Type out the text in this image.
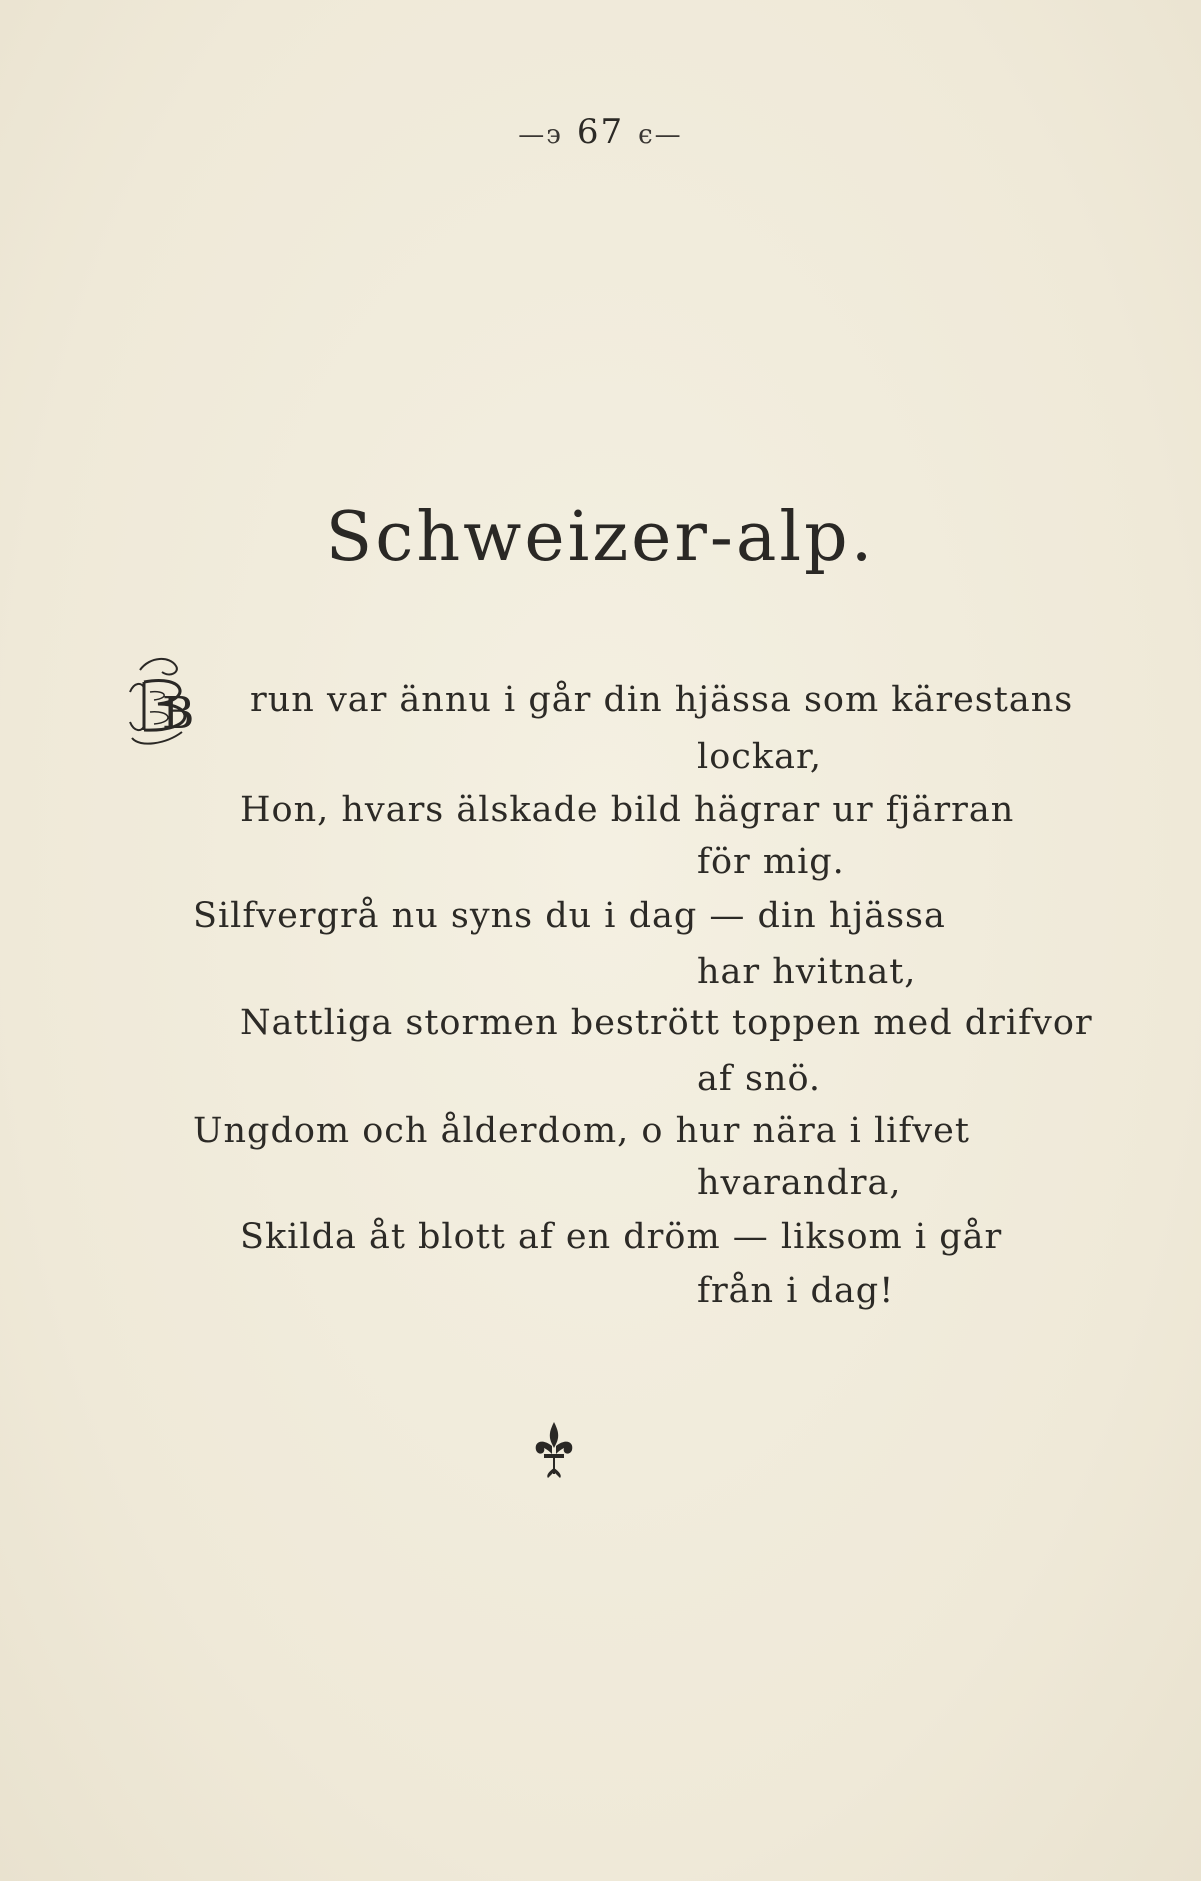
—϶ 67 ϵ—
Schweizer-alp.
B run var ännu i går din hjässa som kärestans
lockar,
Hon, hvars älskade bild hägrar ur fjärran
för mig.
Silfvergrå nu syns du i dag — din hjässa
har hvitnat,
Nattliga stormen bestrött toppen med drifvor
af snö.
Ungdom och ålderdom, o hur nära i lifvet
hvarandra,
Skilda åt blott af en dröm — liksom i går
från i dag!
